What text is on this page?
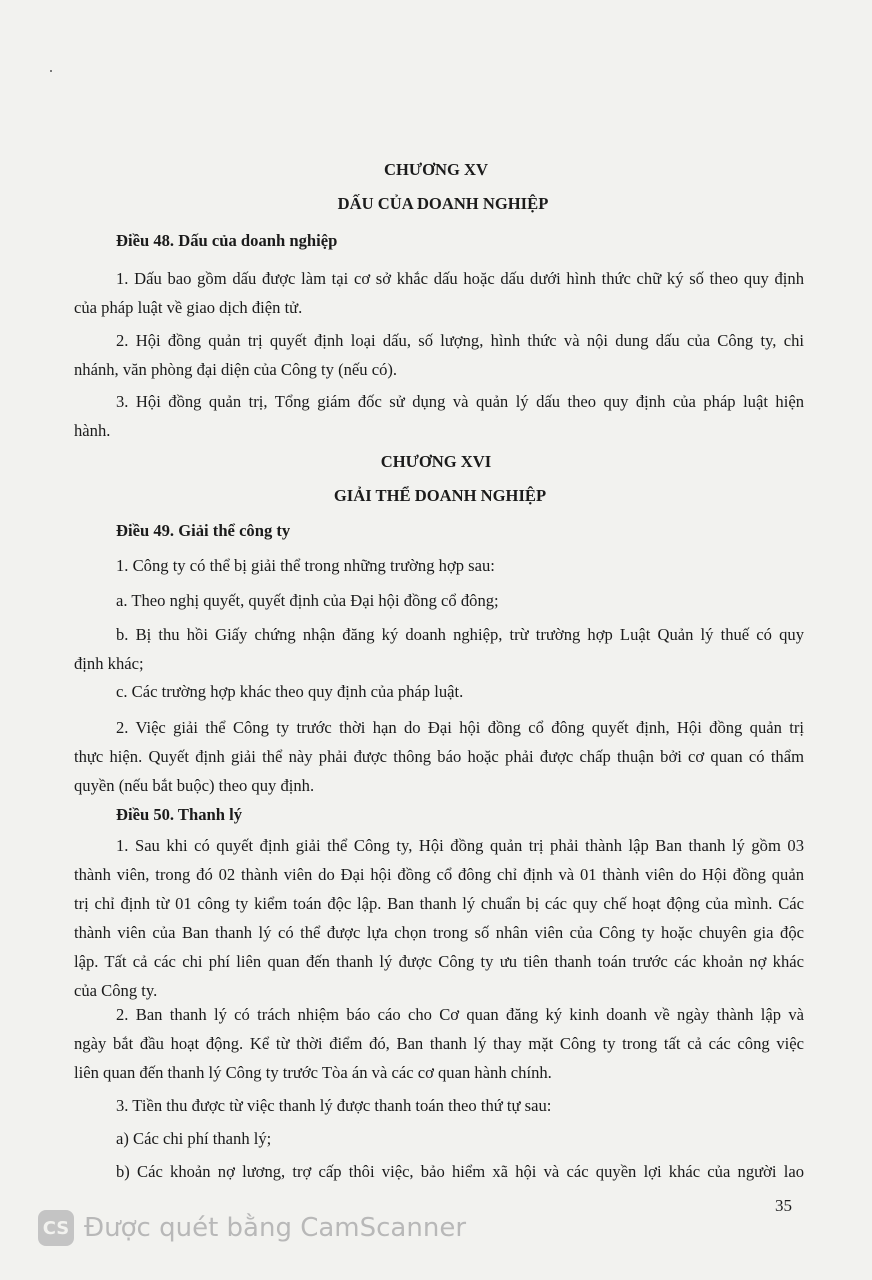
CHƯƠNG XV
DẤU CỦA DOANH NGHIỆP
Điều 48. Dấu của doanh nghiệp
1. Dấu bao gồm dấu được làm tại cơ sở khắc dấu hoặc dấu dưới hình thức chữ ký số theo quy định
của pháp luật về giao dịch điện tử.
2. Hội đồng quản trị quyết định loại dấu, số lượng, hình thức và nội dung dấu của Công ty, chi
nhánh, văn phòng đại diện của Công ty (nếu có).
3. Hội đồng quản trị, Tổng giám đốc sử dụng và quản lý dấu theo quy định của pháp luật hiện
hành.
CHƯƠNG XVI
GIẢI THỂ DOANH NGHIỆP
Điều 49. Giải thể công ty
1. Công ty có thể bị giải thể trong những trường hợp sau:
a. Theo nghị quyết, quyết định của Đại hội đồng cổ đông;
b. Bị thu hồi Giấy chứng nhận đăng ký doanh nghiệp, trừ trường hợp Luật Quản lý thuế có quy
định khác;
c. Các trường hợp khác theo quy định của pháp luật.
2. Việc giải thể Công ty trước thời hạn do Đại hội đồng cổ đông quyết định, Hội đồng quản trị
thực hiện. Quyết định giải thể này phải được thông báo hoặc phải được chấp thuận bởi cơ quan có thẩm
quyền (nếu bắt buộc) theo quy định.
Điều 50. Thanh lý
1. Sau khi có quyết định giải thể Công ty, Hội đồng quản trị phải thành lập Ban thanh lý gồm 03
thành viên, trong đó 02 thành viên do Đại hội đồng cổ đông chỉ định và 01 thành viên do Hội đồng quản
trị chỉ định từ 01 công ty kiểm toán độc lập. Ban thanh lý chuẩn bị các quy chế hoạt động của mình. Các
thành viên của Ban thanh lý có thể được lựa chọn trong số nhân viên của Công ty hoặc chuyên gia độc
lập. Tất cả các chi phí liên quan đến thanh lý được Công ty ưu tiên thanh toán trước các khoản nợ khác
của Công ty.
2. Ban thanh lý có trách nhiệm báo cáo cho Cơ quan đăng ký kinh doanh về ngày thành lập và
ngày bắt đầu hoạt động. Kể từ thời điểm đó, Ban thanh lý thay mặt Công ty trong tất cả các công việc
liên quan đến thanh lý Công ty trước Tòa án và các cơ quan hành chính.
3. Tiền thu được từ việc thanh lý được thanh toán theo thứ tự sau:
a) Các chi phí thanh lý;
b) Các khoản nợ lương, trợ cấp thôi việc, bảo hiểm xã hội và các quyền lợi khác của người lao
35
CS Được quét bằng CamScanner
